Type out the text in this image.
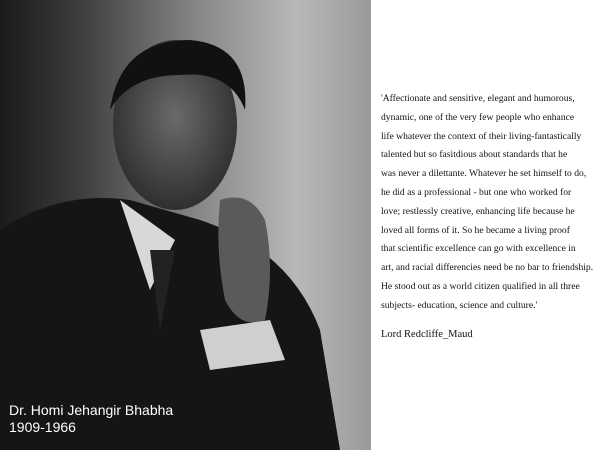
Dr. Homi Jehangir Bhabha
1909-1966
'Affectionate and sensitive, elegant and humorous,
dynamic, one of the very few people who enhance
life whatever the context of their living-fantastically
talented but so fasitdious about standards that he
was never a dilettante. Whatever he set himself to do,
he did as a professional - but one who worked for
love; restlessly creative, enhancing life because he
loved all forms of it. So he became a living proof
that scientific excellence can go with excellence in
art, and racial differencies need be no bar to friendship.
He stood out as a world citizen qualified in all three
subjects- education, science and culture.'
Lord Redcliffe_Maud
